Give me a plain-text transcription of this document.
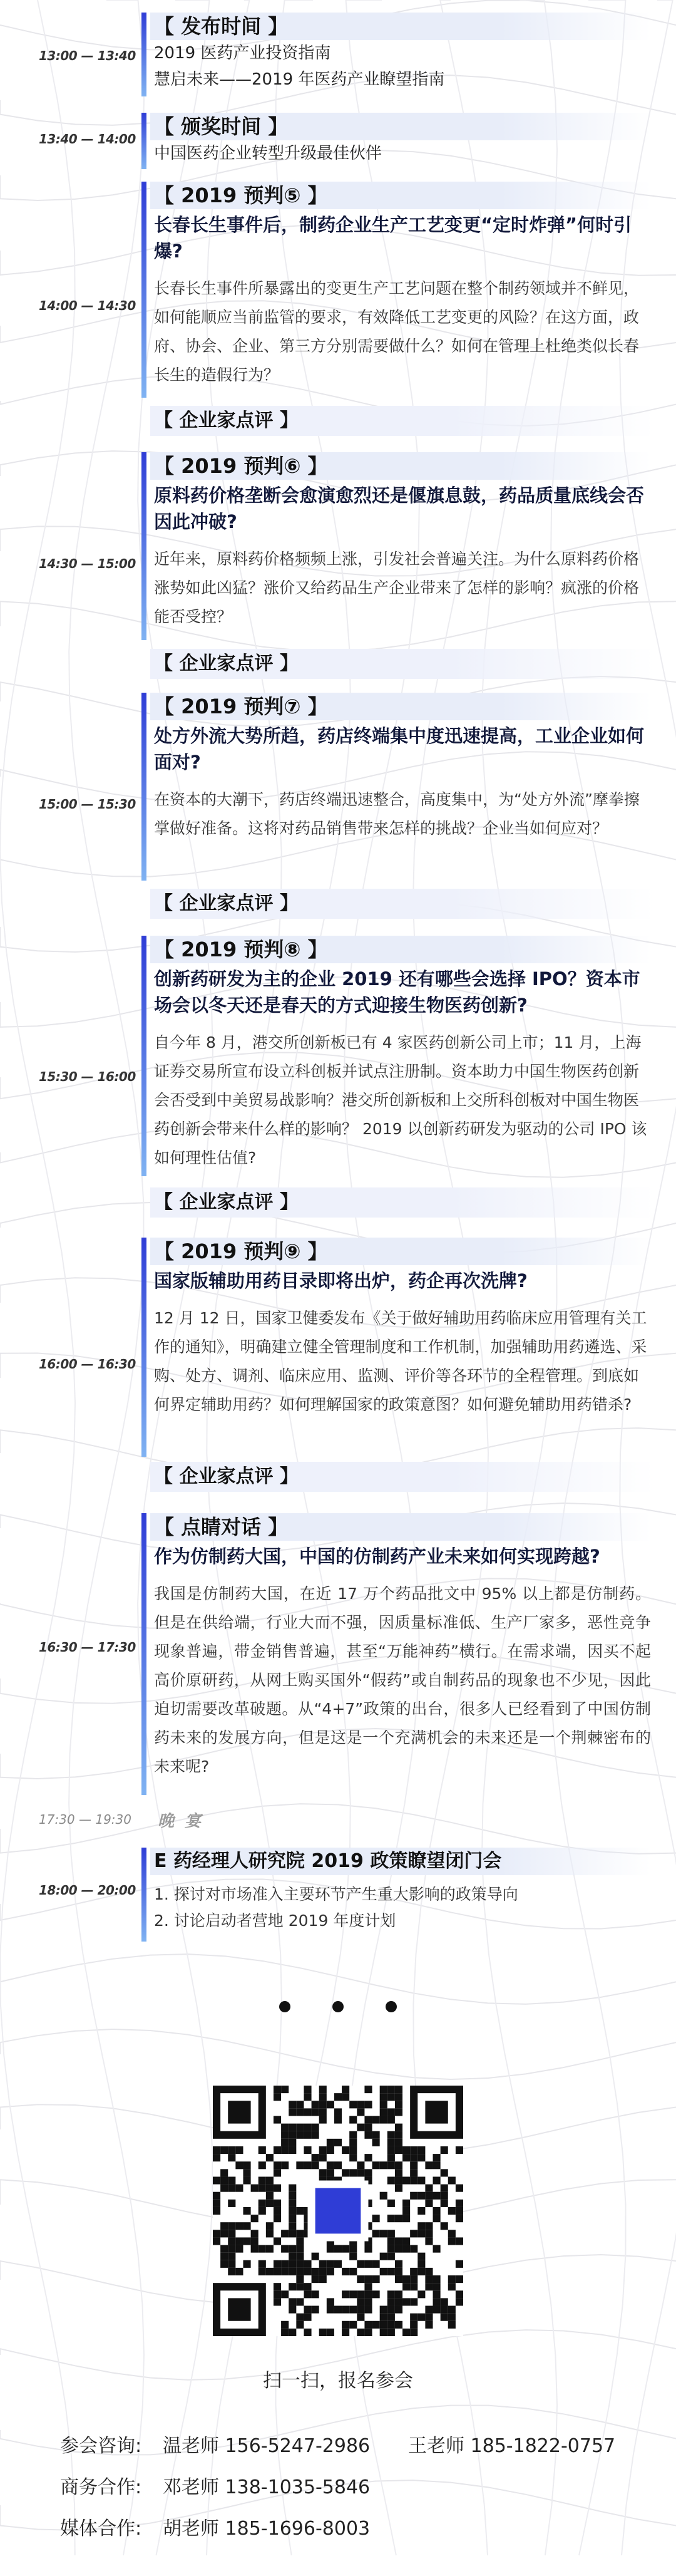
13:00 — 13:40
【 发布时间 】
2019 医药产业投资指南
慧启未来——2019 年医药产业瞭望指南
13:40 — 14:00
【 颁奖时间 】
中国医药企业转型升级最佳伙伴
14:00 — 14:30
【 2019 预判⑤ 】
长春长生事件后，制药企业生产工艺变更“定时炸弹”何时引爆?
长春长生事件所暴露出的变更生产工艺问题在整个制药领域并不鲜见，如何能顺应当前监管的要求，有效降低工艺变更的风险？在这方面，政府、协会、企业、第三方分别需要做什么？如何在管理上杜绝类似长春长生的造假行为？
【 企业家点评 】
14:30 — 15:00
【 2019 预判⑥ 】
原料药价格垄断会愈演愈烈还是偃旗息鼓，药品质量底线会否因此冲破?
近年来，原料药价格频频上涨，引发社会普遍关注。为什么原料药价格涨势如此凶猛？涨价又给药品生产企业带来了怎样的影响？疯涨的价格能否受控？
【 企业家点评 】
15:00 — 15:30
【 2019 预判⑦ 】
处方外流大势所趋，药店终端集中度迅速提高，工业企业如何面对?
在资本的大潮下，药店终端迅速整合，高度集中，为“处方外流”摩拳擦掌做好准备。这将对药品销售带来怎样的挑战？企业当如何应对？
【 企业家点评 】
15:30 — 16:00
【 2019 预判⑧ 】
创新药研发为主的企业 2019 还有哪些会选择 IPO？资本市场会以冬天还是春天的方式迎接生物医药创新?
自今年 8 月，港交所创新板已有 4 家医药创新公司上市；11 月，上海证券交易所宣布设立科创板并试点注册制。资本助力中国生物医药创新会否受到中美贸易战影响？港交所创新板和上交所科创板对中国生物医药创新会带来什么样的影响？ 2019 以创新药研发为驱动的公司 IPO 该如何理性估值?
【 企业家点评 】
16:00 — 16:30
【 2019 预判⑨ 】
国家版辅助用药目录即将出炉，药企再次洗牌?
12 月 12 日，国家卫健委发布《关于做好辅助用药临床应用管理有关工作的通知》，明确建立健全管理制度和工作机制，加强辅助用药遴选、采购、处方、调剂、临床应用、监测、评价等各环节的全程管理。到底如何界定辅助用药？如何理解国家的政策意图？如何避免辅助用药错杀?
【 企业家点评 】
16:30 — 17:30
【 点睛对话 】
作为仿制药大国，中国的仿制药产业未来如何实现跨越?
我国是仿制药大国，在近 17 万个药品批文中 95% 以上都是仿制药。但是在供给端，行业大而不强，因质量标准低、生产厂家多，恶性竞争现象普遍，带金销售普遍，甚至“万能神药”横行。在需求端，因买不起高价原研药，从网上购买国外“假药”或自制药品的现象也不少见，因此迫切需要改革破题。从“4+7”政策的出台，很多人已经看到了中国仿制药未来的发展方向，但是这是一个充满机会的未来还是一个荆棘密布的未来呢?
17:30 — 19:30 晚 宴
18:00 — 20:00
E 药经理人研究院 2019 政策瞭望闭门会
1. 探讨对市场准入主要环节产生重大影响的政策导向
2. 讨论启动者营地 2019 年度计划
扫一扫，报名参会
参会咨询: 温老师 156-5247-2986 王老师 185-1822-0757
商务合作: 邓老师 138-1035-5846
媒体合作: 胡老师 185-1696-8003
